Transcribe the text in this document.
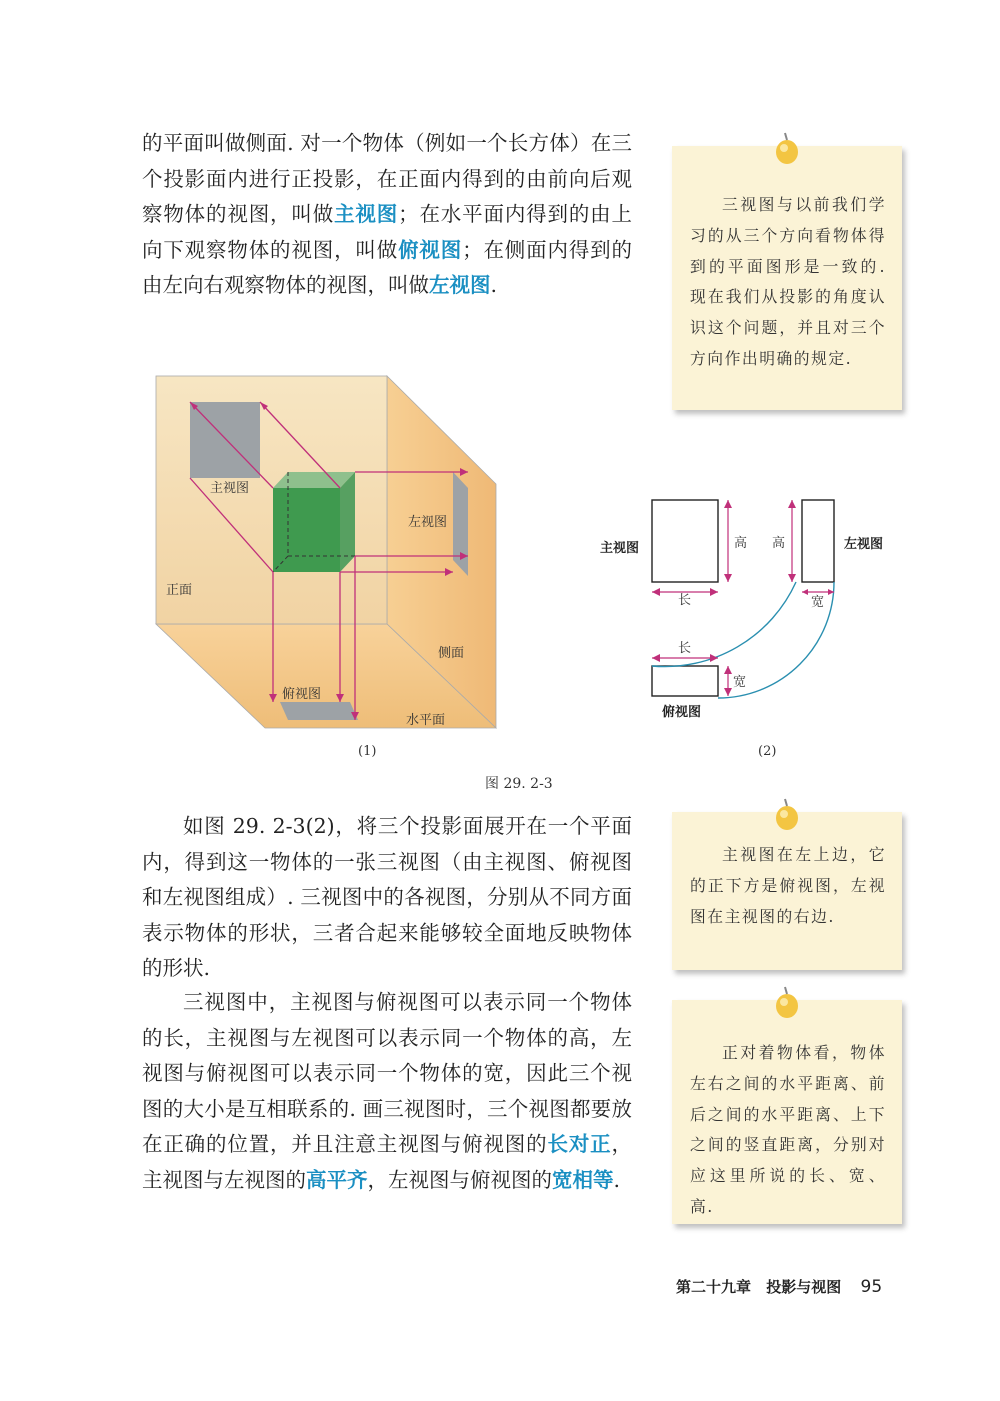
的平面叫做侧面. 对一个物体（例如一个长方体）在三个投影面内进行正投影，在正面内得到的由前向后观察物体的视图，叫做主视图；在水平面内得到的由上向下观察物体的视图，叫做俯视图；在侧面内得到的由左向右观察物体的视图，叫做左视图.

三视图与以前我们学习的从三个方向看物体得到的平面图形是一致的. 现在我们从投影的角度认识这个问题，并且对三个方向作出明确的规定.

主视图
左视图
正面
侧面
俯视图
水平面
(1)
主视图	左视图
俯视图
高 高
长
长
宽
宽
(2)
图 29. 2-3

如图 29. 2-3(2)，将三个投影面展开在一个平面内，得到这一物体的一张三视图（由主视图、俯视图和左视图组成）. 三视图中的各视图，分别从不同方面表示物体的形状，三者合起来能够较全面地反映物体的形状.

三视图中，主视图与俯视图可以表示同一个物体的长，主视图与左视图可以表示同一个物体的高，左视图与俯视图可以表示同一个物体的宽，因此三个视图的大小是互相联系的. 画三视图时，三个视图都要放在正确的位置，并且注意主视图与俯视图的长对正，主视图与左视图的高平齐，左视图与俯视图的宽相等.

主视图在左上边，它的正下方是俯视图，左视图在主视图的右边.

正对着物体看，物体左右之间的水平距离、前后之间的水平距离、上下之间的竖直距离，分别对应这里所说的长、宽、高.

第二十九章 投影与视图 95
